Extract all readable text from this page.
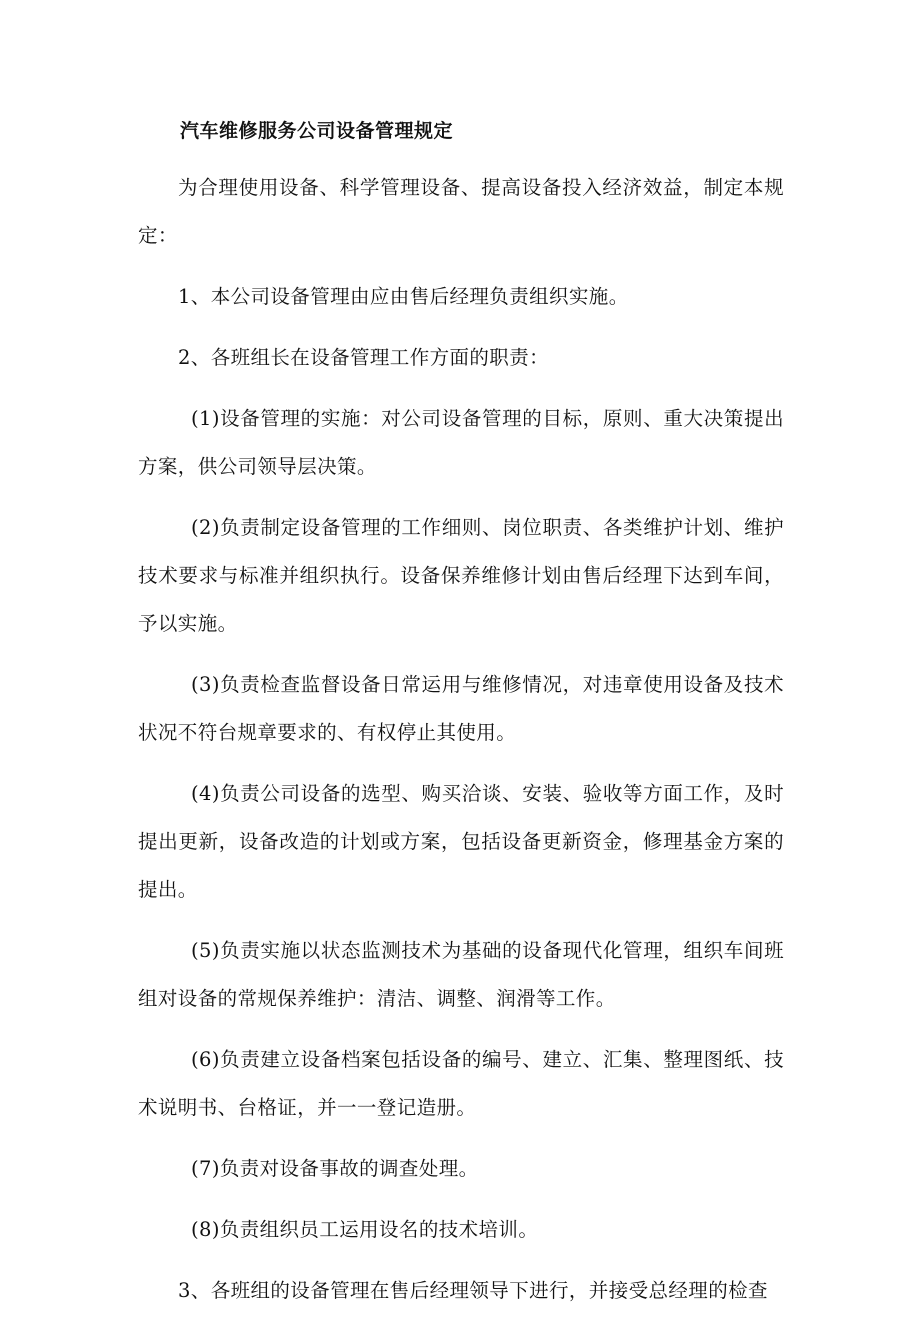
汽车维修服务公司设备管理规定

为合理使用设备、科学管理设备、提高设备投入经济效益，制定本规定：

1、本公司设备管理由应由售后经理负责组织实施。

2、各班组长在设备管理工作方面的职责：

(1)设备管理的实施：对公司设备管理的目标，原则、重大决策提出方案，供公司领导层决策。

(2)负责制定设备管理的工作细则、岗位职责、各类维护计划、维护技术要求与标准并组织执行。设备保养维修计划由售后经理下达到车间，予以实施。

(3)负责检查监督设备日常运用与维修情况，对违章使用设备及技术状况不符台规章要求的、有权停止其使用。

(4)负责公司设备的选型、购买洽谈、安装、验收等方面工作，及时提出更新，设备改造的计划或方案，包括设备更新资金，修理基金方案的提出。

(5)负责实施以状态监测技术为基础的设备现代化管理，组织车间班组对设备的常规保养维护：清洁、调整、润滑等工作。

(6)负责建立设备档案包括设备的编号、建立、汇集、整理图纸、技术说明书、台格证，并一一登记造册。

(7)负责对设备事故的调查处理。

(8)负责组织员工运用设名的技术培训。

3、各班组的设备管理在售后经理领导下进行，并接受总经理的检查
